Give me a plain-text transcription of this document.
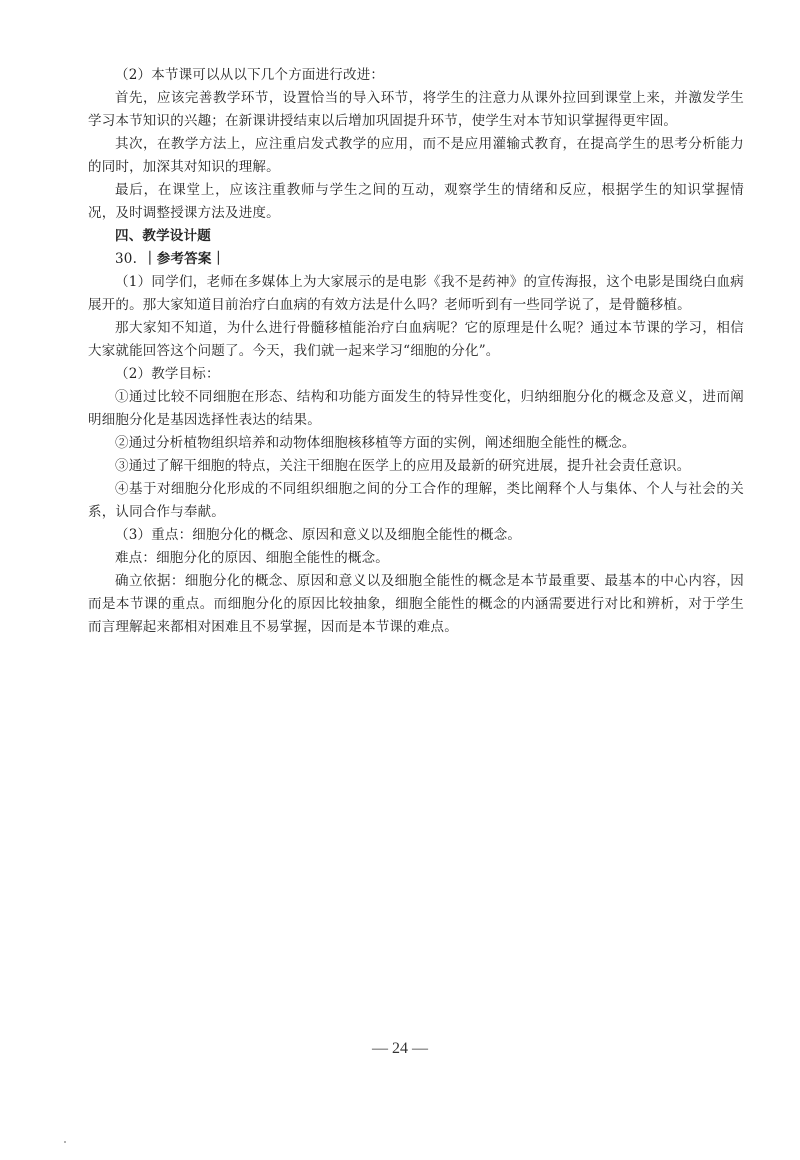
（2）本节课可以从以下几个方面进行改进：

首先，应该完善教学环节，设置恰当的导入环节，将学生的注意力从课外拉回到课堂上来，并激发学生学习本节知识的兴趣；在新课讲授结束以后增加巩固提升环节，使学生对本节知识掌握得更牢固。

其次，在教学方法上，应注重启发式教学的应用，而不是应用灌输式教育，在提高学生的思考分析能力的同时，加深其对知识的理解。

最后，在课堂上，应该注重教师与学生之间的互动，观察学生的情绪和反应，根据学生的知识掌握情况，及时调整授课方法及进度。

四、教学设计题

30. ｜参考答案｜

（1）同学们，老师在多媒体上为大家展示的是电影《我不是药神》的宣传海报，这个电影是围绕白血病展开的。那大家知道目前治疗白血病的有效方法是什么吗？老师听到有一些同学说了，是骨髓移植。

那大家知不知道，为什么进行骨髓移植能治疗白血病呢？它的原理是什么呢？通过本节课的学习，相信大家就能回答这个问题了。今天，我们就一起来学习“细胞的分化”。

（2）教学目标：

①通过比较不同细胞在形态、结构和功能方面发生的特异性变化，归纳细胞分化的概念及意义，进而阐明细胞分化是基因选择性表达的结果。

②通过分析植物组织培养和动物体细胞核移植等方面的实例，阐述细胞全能性的概念。

③通过了解干细胞的特点，关注干细胞在医学上的应用及最新的研究进展，提升社会责任意识。

④基于对细胞分化形成的不同组织细胞之间的分工合作的理解，类比阐释个人与集体、个人与社会的关系，认同合作与奉献。

（3）重点：细胞分化的概念、原因和意义以及细胞全能性的概念。

难点：细胞分化的原因、细胞全能性的概念。

确立依据：细胞分化的概念、原因和意义以及细胞全能性的概念是本节最重要、最基本的中心内容，因而是本节课的重点。而细胞分化的原因比较抽象，细胞全能性的概念的内涵需要进行对比和辨析，对于学生而言理解起来都相对困难且不易掌握，因而是本节课的难点。

— 24 —
